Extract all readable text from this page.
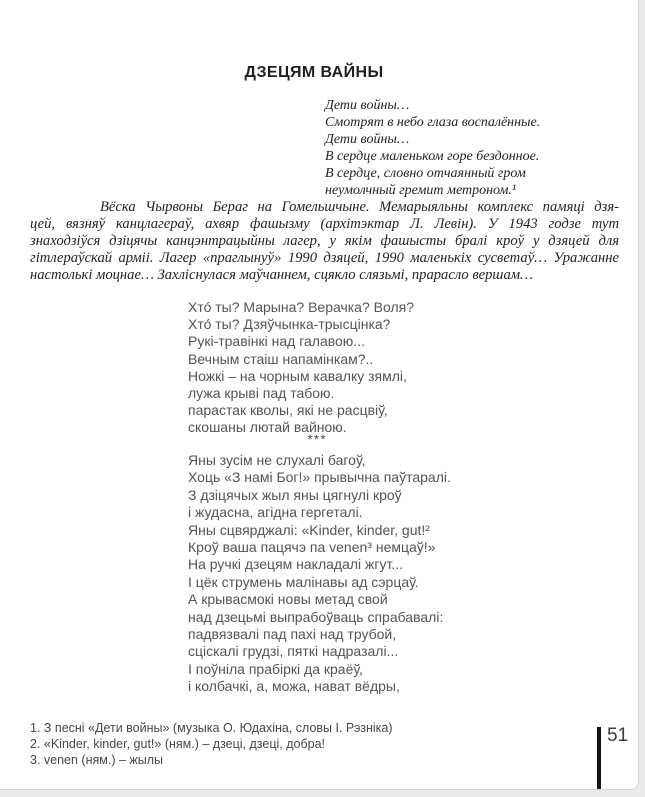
ДЗЕЦЯМ ВАЙНЫ
Дети войны…
Смотрят в небо глаза воспалённые.
Дети войны…
В сердце маленьком горе бездонное.
В сердце, словно отчаянный гром
неумолчный гремит метроном.¹
Вёска Чырвоны Бераг на Гомельшчыне. Мемарыяльны комплекс памяці дзя-
цей, вязняў канцлагераў, ахвяр фашызму (архітэктар Л. Левін). У 1943 годзе тут
знаходзіўся дзіцячы канцэнтрацыйны лагер, у якім фашысты бралі кроў у дзяцей для
гітлераўскай арміі. Лагер «праглынуў» 1990 дзяцей, 1990 маленькіх сусветаў… Уражанне
настолькі моцнае… Захліснулася маўчаннем, сцякло слязьмі, прарасло вершам…
Хто́ ты? Марына? Верачка? Воля?
Хто́ ты? Дзяўчынка-трысцінка?
Рукі-травінкі над галавою...
Вечным стаіш напамінкам?..
Ножкі – на чорным кавалку зямлі,
лужа крыві пад табою.
парастак кволы, які не расцвіў,
скошаны лютай вайною.
***
Яны зусім не слухалі багоў,
Хоць «З намі Бог!» прывычна паўтаралі.
З дзіцячых жыл яны цягнулі кроў
і жудасна, агідна гергеталі.
Яны сцвярджалі: «Kinder, kinder, gut!²
Кроў ваша пацячэ па venen³ немцаў!»
На ручкі дзецям накладалі жгут...
І цёк струмень малінавы ад сэрцаў.
А крывасмокі новы метад свой
над дзецьмі выпрабоўваць спрабавалі:
падвязвалі пад пахі над трубой,
сціскалі грудзі, пяткі надразалі...
І поўніла прабіркі да краёў,
і колбачкі, а, можа, нават вёдры,
1. З песні «Дети войны» (музыка О. Юдахіна, словы І. Рэзніка)
2. «Kinder, kinder, gut!» (ням.) – дзеці, дзеці, добра!
3. venen (ням.) – жылы
51
